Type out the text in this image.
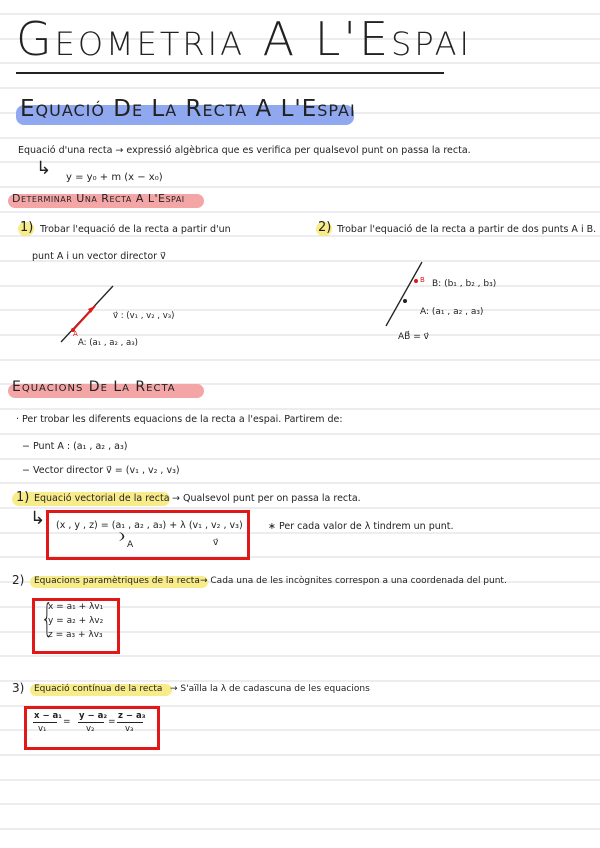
Geometria A L'Espai
Equació De La Recta A L'Espai
Equació d'una recta → expressió algèbrica que es verifica per qualsevol punt on passa la recta.
↳ y = y₀ + m (x − x₀)
Determinar Una Recta A L'Espai
1) Trobar l'equació de la recta a partir d'un
punt A i un vector director v⃗
v⃗ : (v₁ , v₂ , v₃)
A
A: (a₁ , a₂ , a₃)
2) Trobar l'equació de la recta a partir de dos punts A i B.
B B: (b₁ , b₂ , b₃)
A: (a₁ , a₂ , a₃)
AB⃗ = v⃗
Equacions De La Recta
· Per trobar les diferents equacions de la recta a l'espai. Partirem de:
− Punt A : (a₁ , a₂ , a₃)
− Vector director v⃗ = (v₁ , v₂ , v₃)
1) Equació vectorial de la recta → Qualsevol punt per on passa la recta.
↳ (x , y , z) = (a₁ , a₂ , a₃) + λ (v₁ , v₂ , v₃)
⌒
A	v⃗
∗ Per cada valor de λ tindrem un punt.
2) Equacions paramètriques de la recta → Cada una de les incògnites correspon a una coordenada del punt.
{
x = a₁ + λv₁
y = a₂ + λv₂
z = a₃ + λv₃
3) Equació contínua de la recta → S'aïlla la λ de cadascuna de les equacions
x − a₁
v₁
=
y − a₂
v₂
=
z − a₃
v₃
